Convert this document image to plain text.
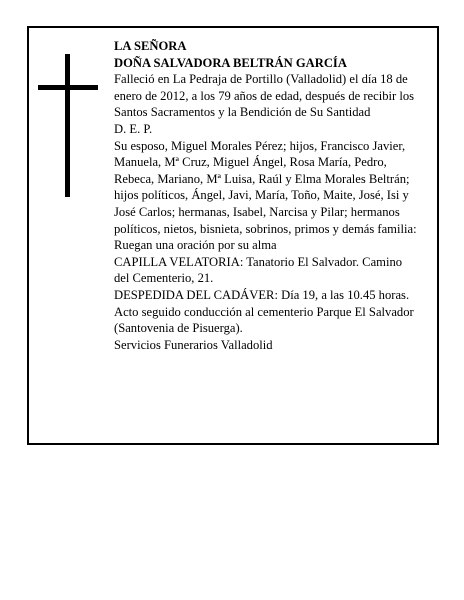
LA SEÑORA

DOÑA SALVADORA BELTRÁN GARCÍA

Falleció en La Pedraja de Portillo (Valladolid) el día 18 de enero de 2012, a los 79 años de edad, después de recibir los Santos Sacramentos y la Bendición de Su Santidad

D. E. P.

Su esposo, Miguel Morales Pérez; hijos, Francisco Javier, Manuela, Mª Cruz, Miguel Ángel, Rosa María, Pedro, Rebeca, Mariano, Mª Luisa, Raúl y Elma Morales Beltrán; hijos políticos, Ángel, Javi, María, Toño, Maite, José, Isi y José Carlos; hermanas, Isabel, Narcisa y Pilar; hermanos políticos, nietos, bisnieta, sobrinos, primos y demás familia:

Ruegan una oración por su alma

CAPILLA VELATORIA: Tanatorio El Salvador. Camino del Cementerio, 21.

DESPEDIDA DEL CADÁVER: Día 19, a las 10.45 horas. Acto seguido conducción al cementerio Parque El Salvador (Santovenia de Pisuerga).

Servicios Funerarios Valladolid
